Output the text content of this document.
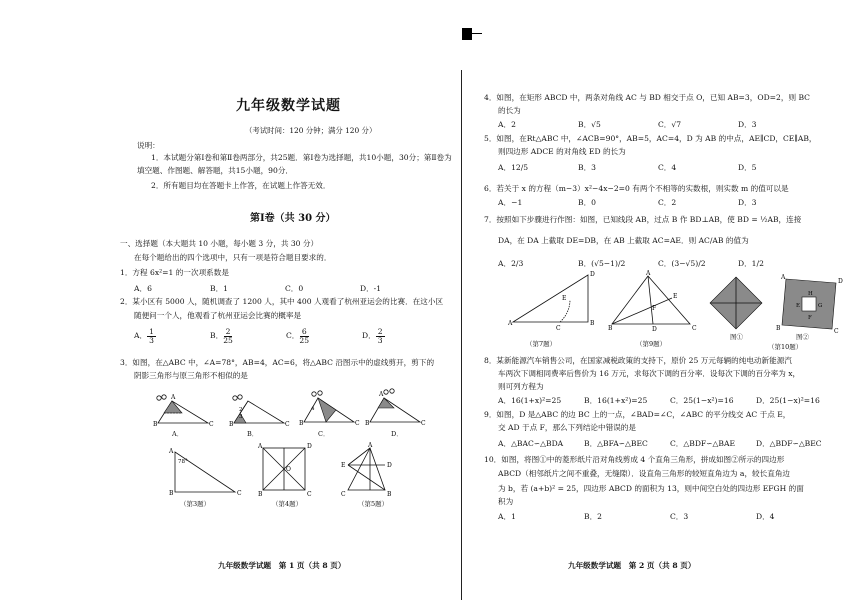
九年级数学试题
（考试时间：120 分钟；满分 120 分）
说明：
1．本试题分第Ⅰ卷和第Ⅱ卷两部分，共25题．第Ⅰ卷为选择题，共10小题，30分；第Ⅱ卷为
填空题、作图题、解答题，共15小题，90分．
2．所有题目均在答题卡上作答，在试题上作答无效．
第Ⅰ卷（共 30 分）
一、选择题（本大题共 10 小题，每小题 3 分，共 30 分）
在每个题给出的四个选项中，只有一项是符合题目要求的．
1．方程 6x²=1 的一次项系数是
A．6	B．1	C．0	D．-1
2．某小区有 5000 人，随机调查了 1200 人，其中 400 人观看了杭州亚运会的比赛．在这小区
随便问一个人，他观看了杭州亚运会比赛的概率是
A． $\frac{1}{3}$	B． $\frac{2}{25}$	C． $\frac{6}{25}$	D． $\frac{2}{3}$
3．如图，在△ABC 中，∠A=78°，AB=4，AC=6，将△ABC 沿图示中的虚线剪开，剪下的
阴影三角形与原三角形不相似的是
B	C
A
A．
B	C
2
3
B．
B	C
4
C．
B	C
A
D．
A
B	C
78°
（第3题）
A	D
B	C
O
（第4题）
A
E	D
C	B
（第5题）
九年级数学试题　第 1 页（共 8 页）
4．如图，在矩形 ABCD 中，两条对角线 AC 与 BD 相交于点 O，已知 AB=3，OD=2，则 BC
的长为
A．2	B．√5	C．√7	D．3
5．如图，在Rt△ABC 中，∠ACB=90°，AB=5，AC=4，D 为 AB 的中点，AE∥CD，CE∥AB，
则四边形 ADCE 的对角线 ED 的长为
A．12/5	B．3	C．4	D．5
6．若关于 x 的方程（m−3）x²−4x−2=0 有两个不相等的实数根，则实数 m 的值可以是
A．−1	B．0	C．2	D．3
7．按照如下步骤进行作图：如图，已知线段 AB，过点 B 作 BD⊥AB，使 BD = ½AB，连接
DA，在 DA 上截取 DE=DB，在 AB 上截取 AC=AE．则 AC/AB 的值为
A．2/3	B．(√5−1)/2	C．(3−√5)/2	D．1/2
A	B
D
C
E
（第7题）
A
B	C
D
E
F
（第9题）
A
D
B	C
H
E	G
F
图①	图②
（第10题）
8．某新能源汽车销售公司，在国家减税政策的支持下，原价 25 万元每辆的纯电动新能源汽
车两次下调相同费率后售价为 16 万元，求每次下调的百分率．设每次下调的百分率为 x，
则可列方程为
A．16(1+x)²=25	B．16(1+x²)=25	C．25(1−x²)=16	D．25(1−x)²=16
9．如图，D 是△ABC 的边 BC 上的一点，∠BAD=∠C，∠ABC 的平分线交 AC 于点 E，
交 AD 于点 F，那么下列结论中错误的是
A．△BAC∽△BDA	B．△BFA∽△BEC	C．△BDF∽△BAE	D．△BDF∽△BEC
10．如图，将图①中的菱形纸片沿对角线剪成 4 个直角三角形，拼成如图②所示的四边形
ABCD（相邻纸片之间不重叠，无缝隙）．设直角三角形的较短直角边为 a，较长直角边
为 b，若 (a+b)² = 25，四边形 ABCD 的面积为 13，则中间空白处的四边形 EFGH 的面
积为
A．1	B．2	C．3	D．4
九年级数学试题　第 2 页（共 8 页）
